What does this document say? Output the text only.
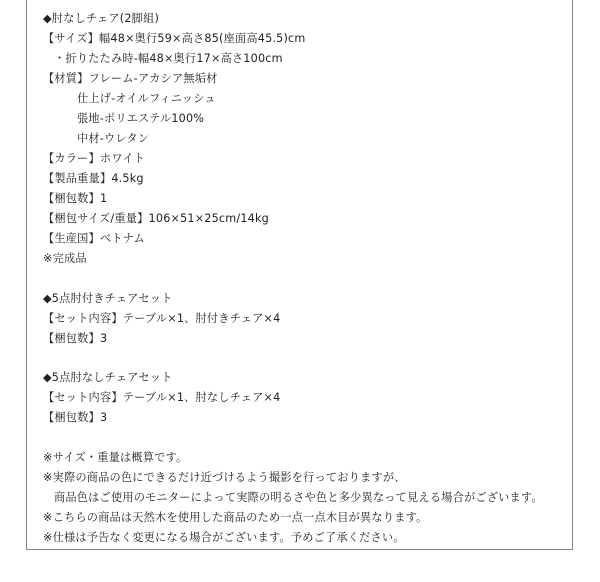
◆肘なしチェア(2脚組)
【サイズ】幅48×奥行59×高さ85(座面高45.5)cm
・折りたたみ時-幅48×奥行17×高さ100cm
【材質】フレーム-アカシア無垢材
仕上げ-オイルフィニッシュ
張地-ポリエステル100%
中材-ウレタン
【カラー】ホワイト
【製品重量】4.5kg
【梱包数】1
【梱包サイズ/重量】106×51×25cm/14kg
【生産国】ベトナム
※完成品
◆5点肘付きチェアセット
【セット内容】テーブル×1、肘付きチェア×4
【梱包数】3
◆5点肘なしチェアセット
【セット内容】テーブル×1、肘なしチェア×4
【梱包数】3
※サイズ・重量は概算です。
※実際の商品の色にできるだけ近づけるよう撮影を行っておりますが、
商品色はご使用のモニターによって実際の明るさや色と多少異なって見える場合がございます。
※こちらの商品は天然木を使用した商品のため一点一点木目が異なります。
※仕様は予告なく変更になる場合がございます。予めご了承ください。
